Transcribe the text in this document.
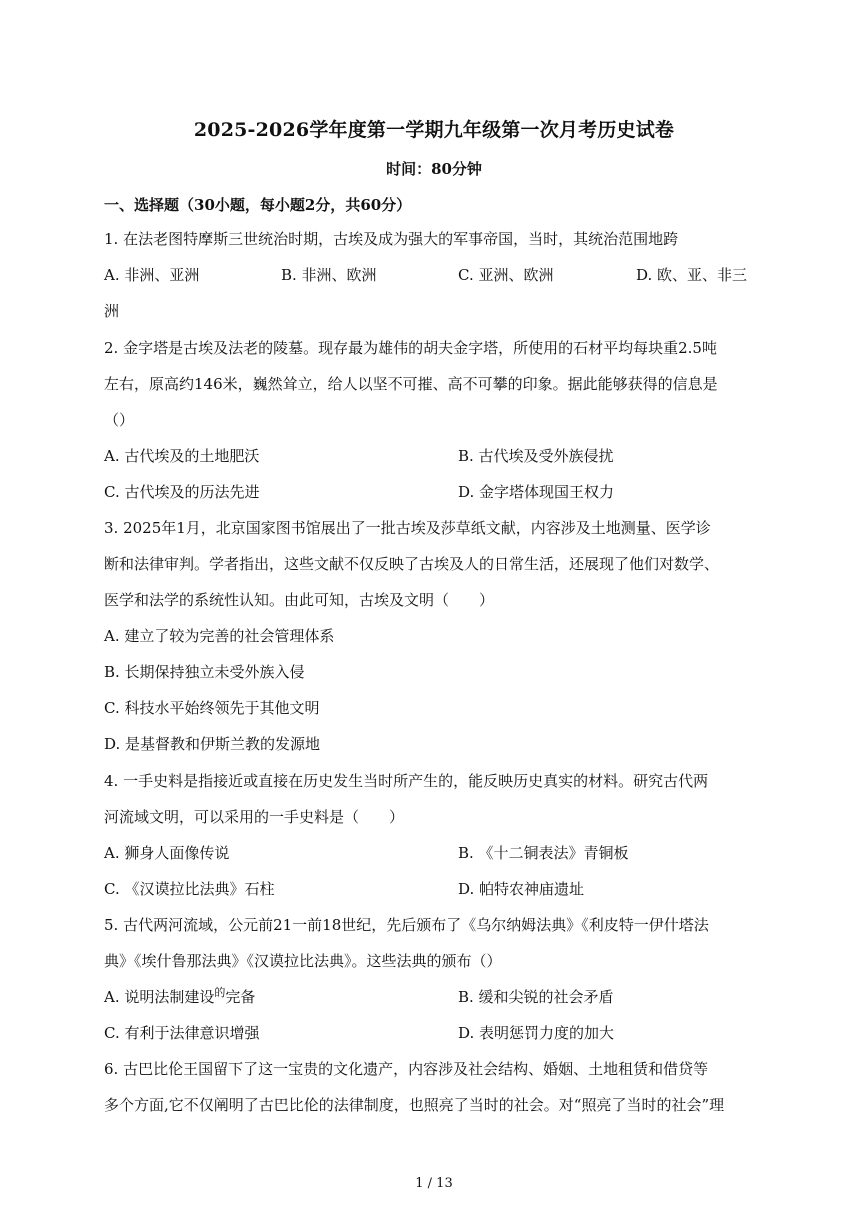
2025-2026学年度第一学期九年级第一次月考历史试卷
时间：80分钟
一、选择题（30小题，每小题2分，共60分）
1. 在法老图特摩斯三世统治时期，古埃及成为强大的军事帝国，当时，其统治范围地跨
A. 非洲、亚洲	B. 非洲、欧洲	C. 亚洲、欧洲	D. 欧、亚、非三
洲
2. 金字塔是古埃及法老的陵墓。现存最为雄伟的胡夫金字塔，所使用的石材平均每块重2.5吨
左右，原高约146米，巍然耸立，给人以坚不可摧、高不可攀的印象。据此能够获得的信息是
（）
A. 古代埃及的土地肥沃	B. 古代埃及受外族侵扰
C. 古代埃及的历法先进	D. 金字塔体现国王权力
3. 2025年1月，北京国家图书馆展出了一批古埃及莎草纸文献，内容涉及土地测量、医学诊
断和法律审判。学者指出，这些文献不仅反映了古埃及人的日常生活，还展现了他们对数学、
医学和法学的系统性认知。由此可知，古埃及文明（　　）
A. 建立了较为完善的社会管理体系
B. 长期保持独立未受外族入侵
C. 科技水平始终领先于其他文明
D. 是基督教和伊斯兰教的发源地
4. 一手史料是指接近或直接在历史发生当时所产生的，能反映历史真实的材料。研究古代两
河流域文明，可以采用的一手史料是（　　）
A. 狮身人面像传说	B. 《十二铜表法》青铜板
C. 《汉谟拉比法典》石柱	D. 帕特农神庙遗址
5. 古代两河流域，公元前21一前18世纪，先后颁布了《乌尔纳姆法典》《利皮特一伊什塔法
典》《埃什鲁那法典》《汉谟拉比法典》。这些法典的颁布（）
A. 说明法制建设$^的$完备	B. 缓和尖锐的社会矛盾
C. 有利于法律意识增强	D. 表明惩罚力度的加大
6. 古巴比伦王国留下了这一宝贵的文化遗产，内容涉及社会结构、婚姻、土地租赁和借贷等
多个方面,它不仅阐明了古巴比伦的法律制度，也照亮了当时的社会。对“照亮了当时的社会”理
1 / 13
